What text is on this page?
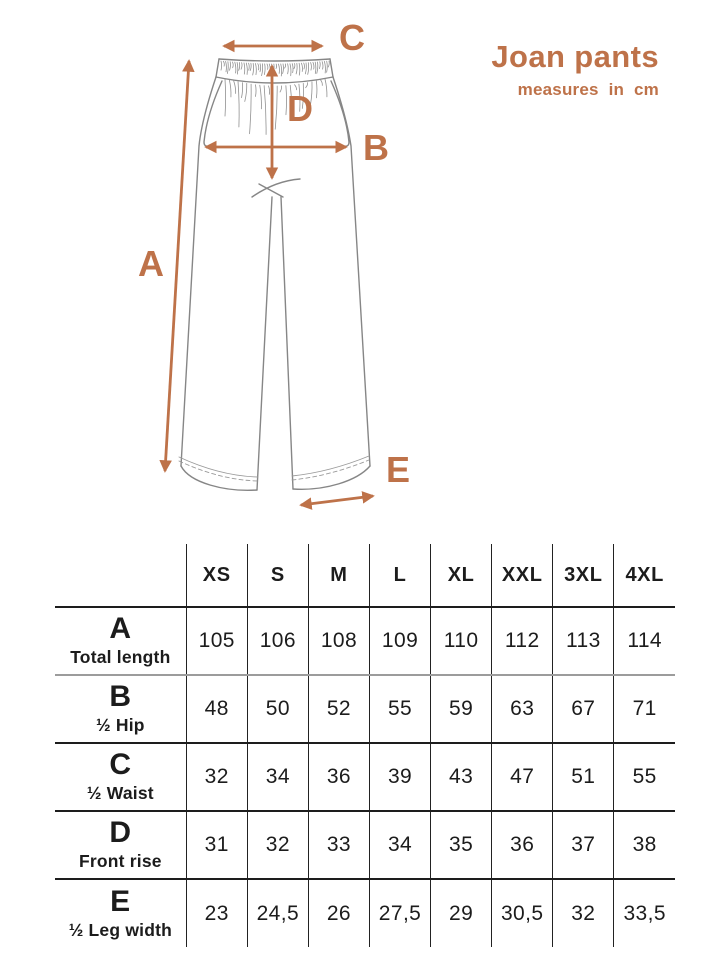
C
D
B
A
E
Joan pants
measures in cm
	XS	S	M	L	XL	XXL	3XL	4XL

A
Total length	105	106	108	109	110	112	113	114

B
½ Hip	48	50	52	55	59	63	67	71

C
½ Waist	32	34	36	39	43	47	51	55

D
Front rise	31	32	33	34	35	36	37	38

E
½ Leg width	23	24,5	26	27,5	29	30,5	32	33,5
